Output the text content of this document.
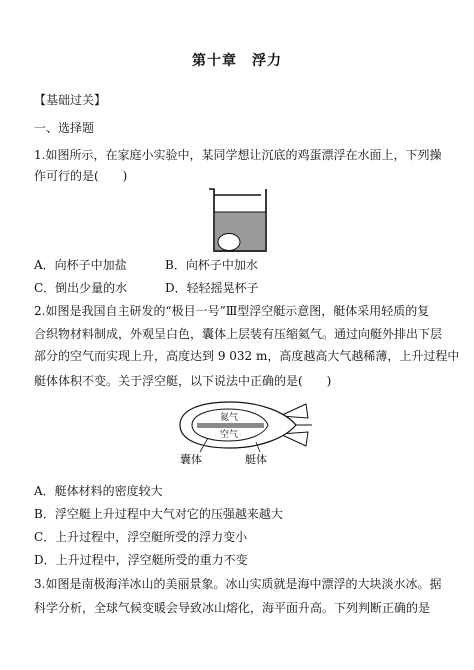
第十章　浮力
【基础过关】
一、选择题
1.如图所示，在家庭小实验中，某同学想让沉底的鸡蛋漂浮在水面上，下列操
作可行的是(　　)
A．向杯子中加盐	B．向杯子中加水
C．倒出少量的水	D．轻轻摇晃杯子
2.如图是我国自主研发的“极目一号”Ⅲ型浮空艇示意图，艇体采用轻质的复
合织物材料制成，外观呈白色，囊体上层装有压缩氦气。通过向艇外排出下层
部分的空气而实现上升，高度达到 9 032 m，高度越高大气越稀薄，上升过程中
艇体体积不变。关于浮空艇，以下说法中正确的是(　　)
氦气
空气
囊体	艇体
A．艇体材料的密度较大
B．浮空艇上升过程中大气对它的压强越来越大
C．上升过程中，浮空艇所受的浮力变小
D．上升过程中，浮空艇所受的重力不变
3.如图是南极海洋冰山的美丽景象。冰山实质就是海中漂浮的大块淡水冰。据
科学分析，全球气候变暖会导致冰山熔化，海平面升高。下列判断正确的是
